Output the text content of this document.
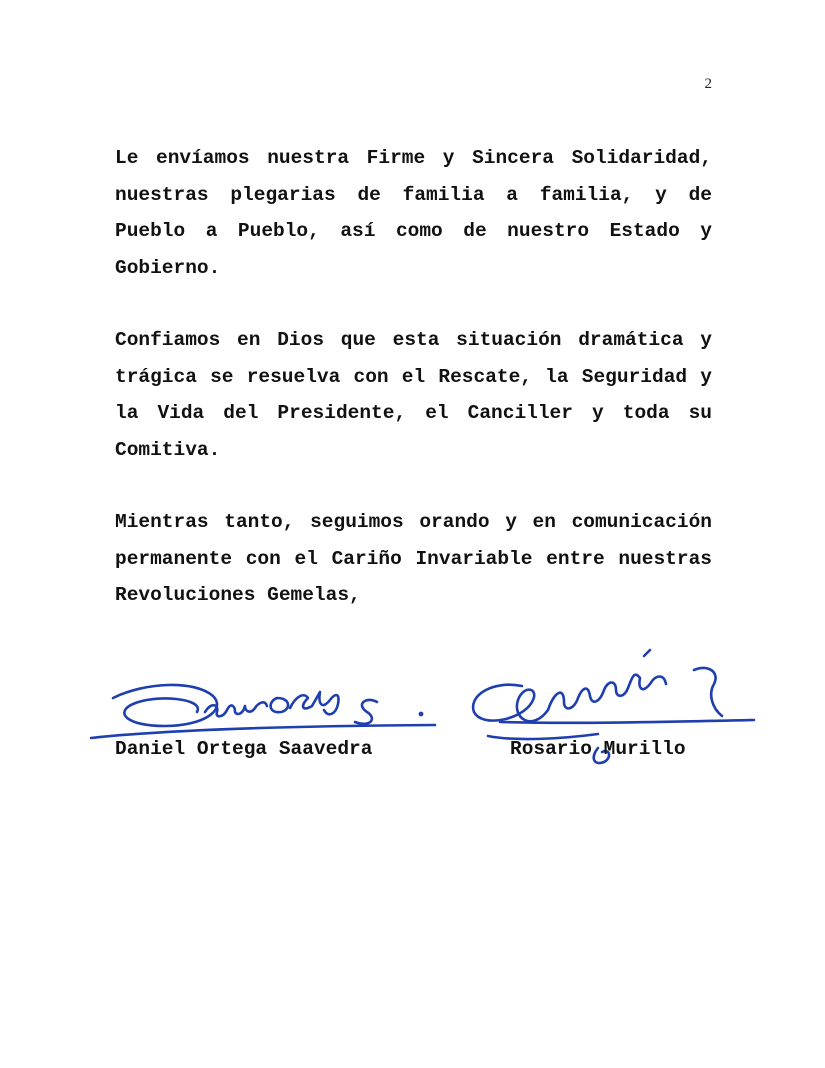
2

Le envíamos nuestra Firme y Sincera Solidaridad, nuestras plegarias de familia a familia, y de Pueblo a Pueblo, así como de nuestro Estado y Gobierno.

Confiamos en Dios que esta situación dramática y trágica se resuelva con el Rescate, la Seguridad y la Vida del Presidente, el Canciller y toda su Comitiva.

Mientras tanto, seguimos orando y en comunicación permanente con el Cariño Invariable entre nuestras Revoluciones Gemelas,

Daniel Ortega Saavedra	Rosario Murillo
